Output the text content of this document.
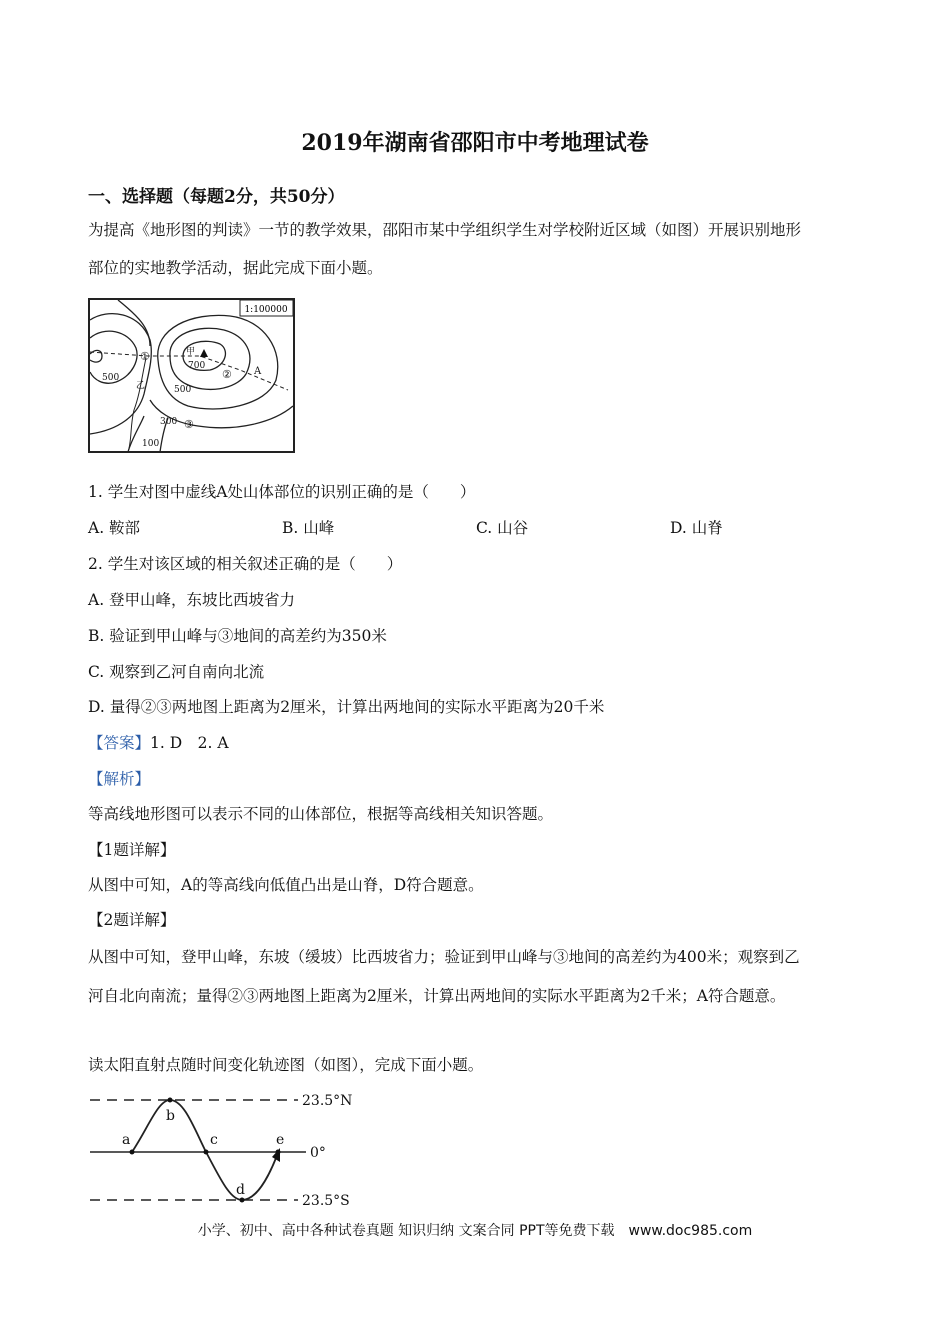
2019年湖南省邵阳市中考地理试卷
一、选择题（每题2分，共50分）
为提高《地形图的判读》一节的教学效果，邵阳市某中学组织学生对学校附近区域（如图）开展识别地形
部位的实地教学活动，据此完成下面小题。
1:100000
甲
700
500
500
300
100
①
②
③
A
乙
1. 学生对图中虚线A处山体部位的识别正确的是（　　）
A. 鞍部	B. 山峰	C. 山谷	D. 山脊
2. 学生对该区域的相关叙述正确的是（　　）
A. 登甲山峰，东坡比西坡省力
B. 验证到甲山峰与③地间的高差约为350米
C. 观察到乙河自南向北流
D. 量得②③两地图上距离为2厘米，计算出两地间的实际水平距离为20千米
【答案】1. D　2. A
【解析】
等高线地形图可以表示不同的山体部位，根据等高线相关知识答题。
【1题详解】
从图中可知，A的等高线向低值凸出是山脊，D符合题意。
【2题详解】
从图中可知，登甲山峰，东坡（缓坡）比西坡省力；验证到甲山峰与③地间的高差约为400米；观察到乙
河自北向南流；量得②③两地图上距离为2厘米，计算出两地间的实际水平距离为2千米；A符合题意。
读太阳直射点随时间变化轨迹图（如图），完成下面小题。
a
b
c
d
e
23.5°N
0°
23.5°S
小学、初中、高中各种试卷真题 知识归纳 文案合同 PPT等免费下载　www.doc985.com
